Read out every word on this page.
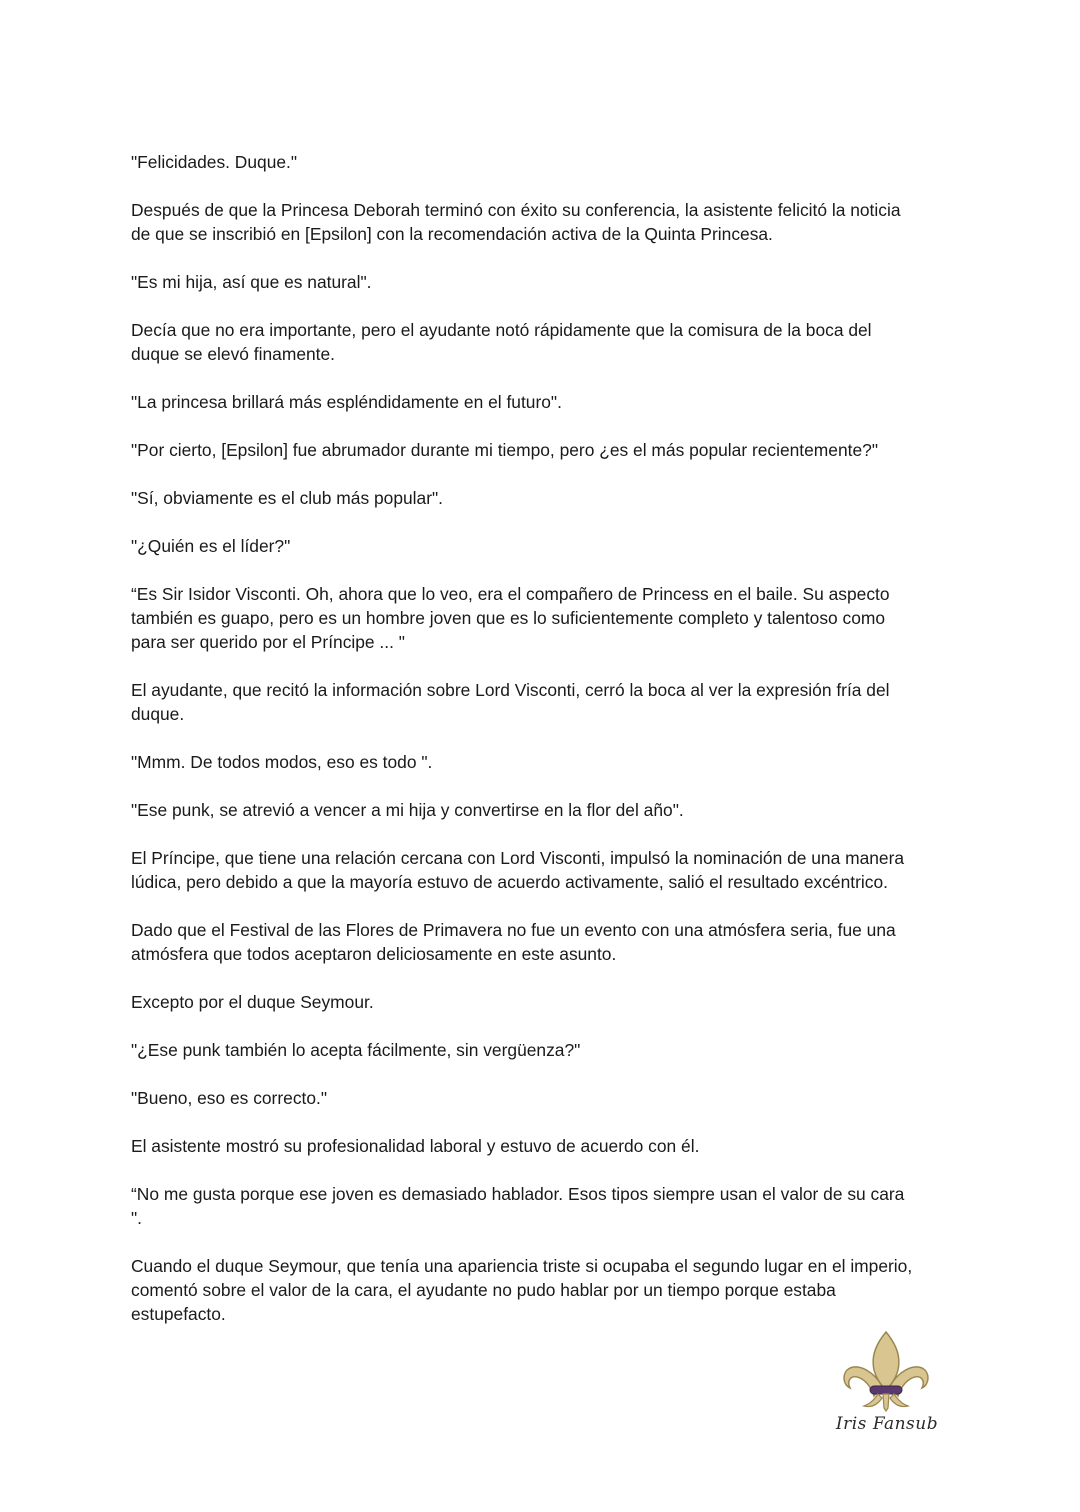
"Felicidades. Duque."

Después de que la Princesa Deborah terminó con éxito su conferencia, la asistente felicitó la noticia
de que se inscribió en [Epsilon] con la recomendación activa de la Quinta Princesa.

"Es mi hija, así que es natural".

Decía que no era importante, pero el ayudante notó rápidamente que la comisura de la boca del
duque se elevó finamente.

"La princesa brillará más espléndidamente en el futuro".

"Por cierto, [Epsilon] fue abrumador durante mi tiempo, pero ¿es el más popular recientemente?"

"Sí, obviamente es el club más popular".

"¿Quién es el líder?"

“Es Sir Isidor Visconti. Oh, ahora que lo veo, era el compañero de Princess en el baile. Su aspecto
también es guapo, pero es un hombre joven que es lo suficientemente completo y talentoso como
para ser querido por el Príncipe ... "

El ayudante, que recitó la información sobre Lord Visconti, cerró la boca al ver la expresión fría del
duque.

"Mmm. De todos modos, eso es todo ".

"Ese punk, se atrevió a vencer a mi hija y convertirse en la flor del año".

El Príncipe, que tiene una relación cercana con Lord Visconti, impulsó la nominación de una manera
lúdica, pero debido a que la mayoría estuvo de acuerdo activamente, salió el resultado excéntrico.

Dado que el Festival de las Flores de Primavera no fue un evento con una atmósfera seria, fue una
atmósfera que todos aceptaron deliciosamente en este asunto.

Excepto por el duque Seymour.

"¿Ese punk también lo acepta fácilmente, sin vergüenza?"

"Bueno, eso es correcto."

El asistente mostró su profesionalidad laboral y estuvo de acuerdo con él.

“No me gusta porque ese joven es demasiado hablador. Esos tipos siempre usan el valor de su cara
".

Cuando el duque Seymour, que tenía una apariencia triste si ocupaba el segundo lugar en el imperio,
comentó sobre el valor de la cara, el ayudante no pudo hablar por un tiempo porque estaba
estupefacto.

Iris Fansub
